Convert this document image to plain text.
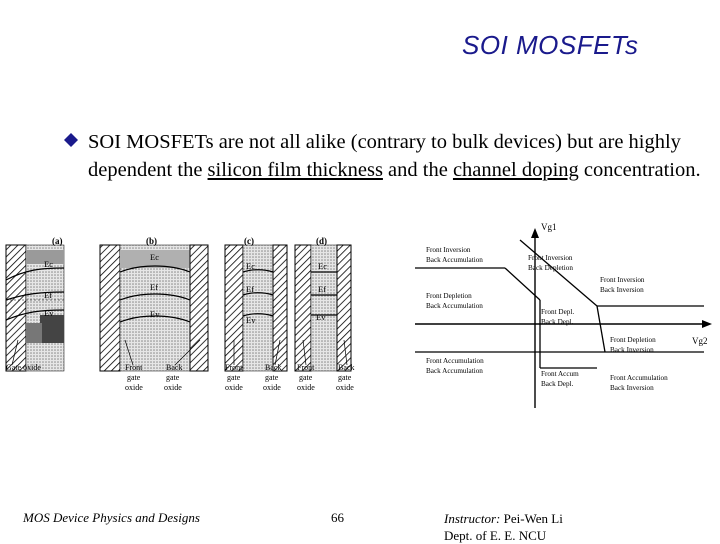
SOI MOSFETs
SOI MOSFETs are not all alike (contrary to bulk devices) but are highly dependent the silicon film thickness and the channel doping concentration.
(a)	(b)	(c)	(d)
Ec
Ef
Ev
Ec
Ef
Ev
Ec
Ef
Ev
Ec
Ef
Ev
Gate oxide	Front
gate
oxide
Back
gate
oxide
Front
gate
oxide
Back
gate
oxide
Front
gate
oxide
Back
gate
oxide
Vg1
Vg2
Front Inversion
Back Accumulation	Front Inversion
Back Depletion
Front Inversion
Back Inversion
Front Depletion
Back Accumulation
Front Depl.
Back Depl.
Front Depletion
Back Inversion
Front Accumulation
Back Accumulation	Front Accum
Back Depl.
Front Accumulation
Back Inversion
MOS Device Physics and Designs	66	Instructor: Pei-Wen Li
Dept. of E. E. NCU
